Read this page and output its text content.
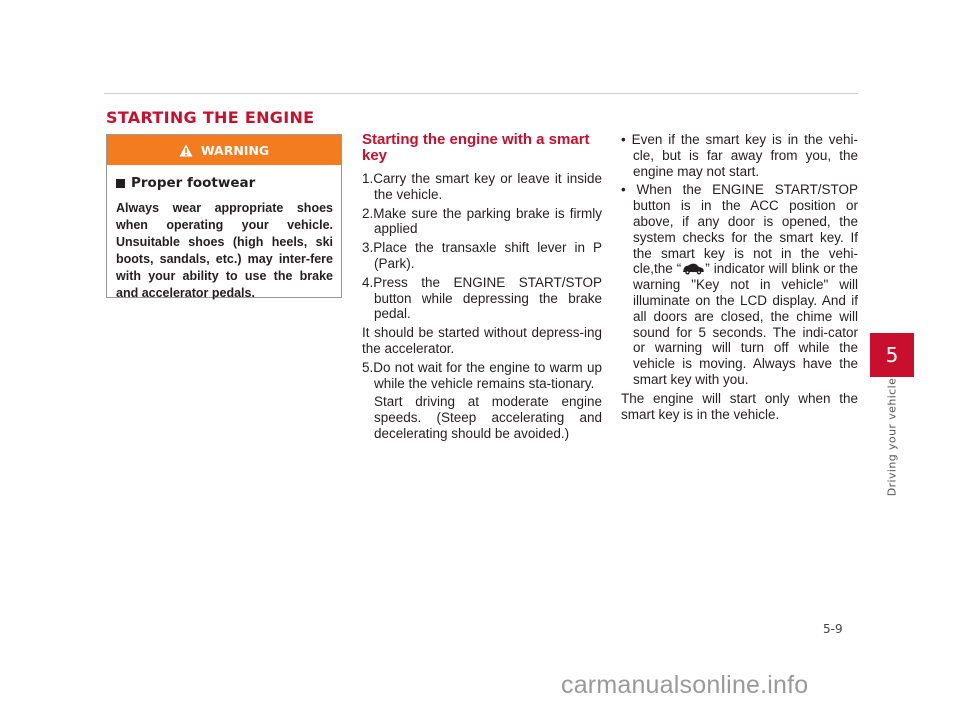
STARTING THE ENGINE
WARNING

Proper footwear

Always wear appropriate shoes when operating your vehicle. Unsuitable shoes (high heels, ski boots, sandals, etc.) may inter-fere with your ability to use the brake and accelerator pedals.

Starting the engine with a smart key

1.Carry the smart key or leave it inside the vehicle.

2.Make sure the parking brake is firmly applied

3.Place the transaxle shift lever in P (Park).

4.Press the ENGINE START/STOP button while depressing the brake pedal.

It should be started without depress-ing the accelerator.

5.Do not wait for the engine to warm up while the vehicle remains sta-tionary.

Start driving at moderate engine speeds. (Steep accelerating and decelerating should be avoided.)

• Even if the smart key is in the vehi-cle, but is far away from you, the engine may not start.

• When the ENGINE START/STOP button is in the ACC position or above, if any door is opened, the system checks for the smart key. If the smart key is not in the vehi-cle,the “ ” indicator will blink or the warning "Key not in vehicle" will illuminate on the LCD display. And if all doors are closed, the chime will sound for 5 seconds. The indi-cator or warning will turn off while the vehicle is moving. Always have the smart key with you.

The engine will start only when the smart key is in the vehicle.

5
Driving your vehicle
5-9
carmanualsonline.info
